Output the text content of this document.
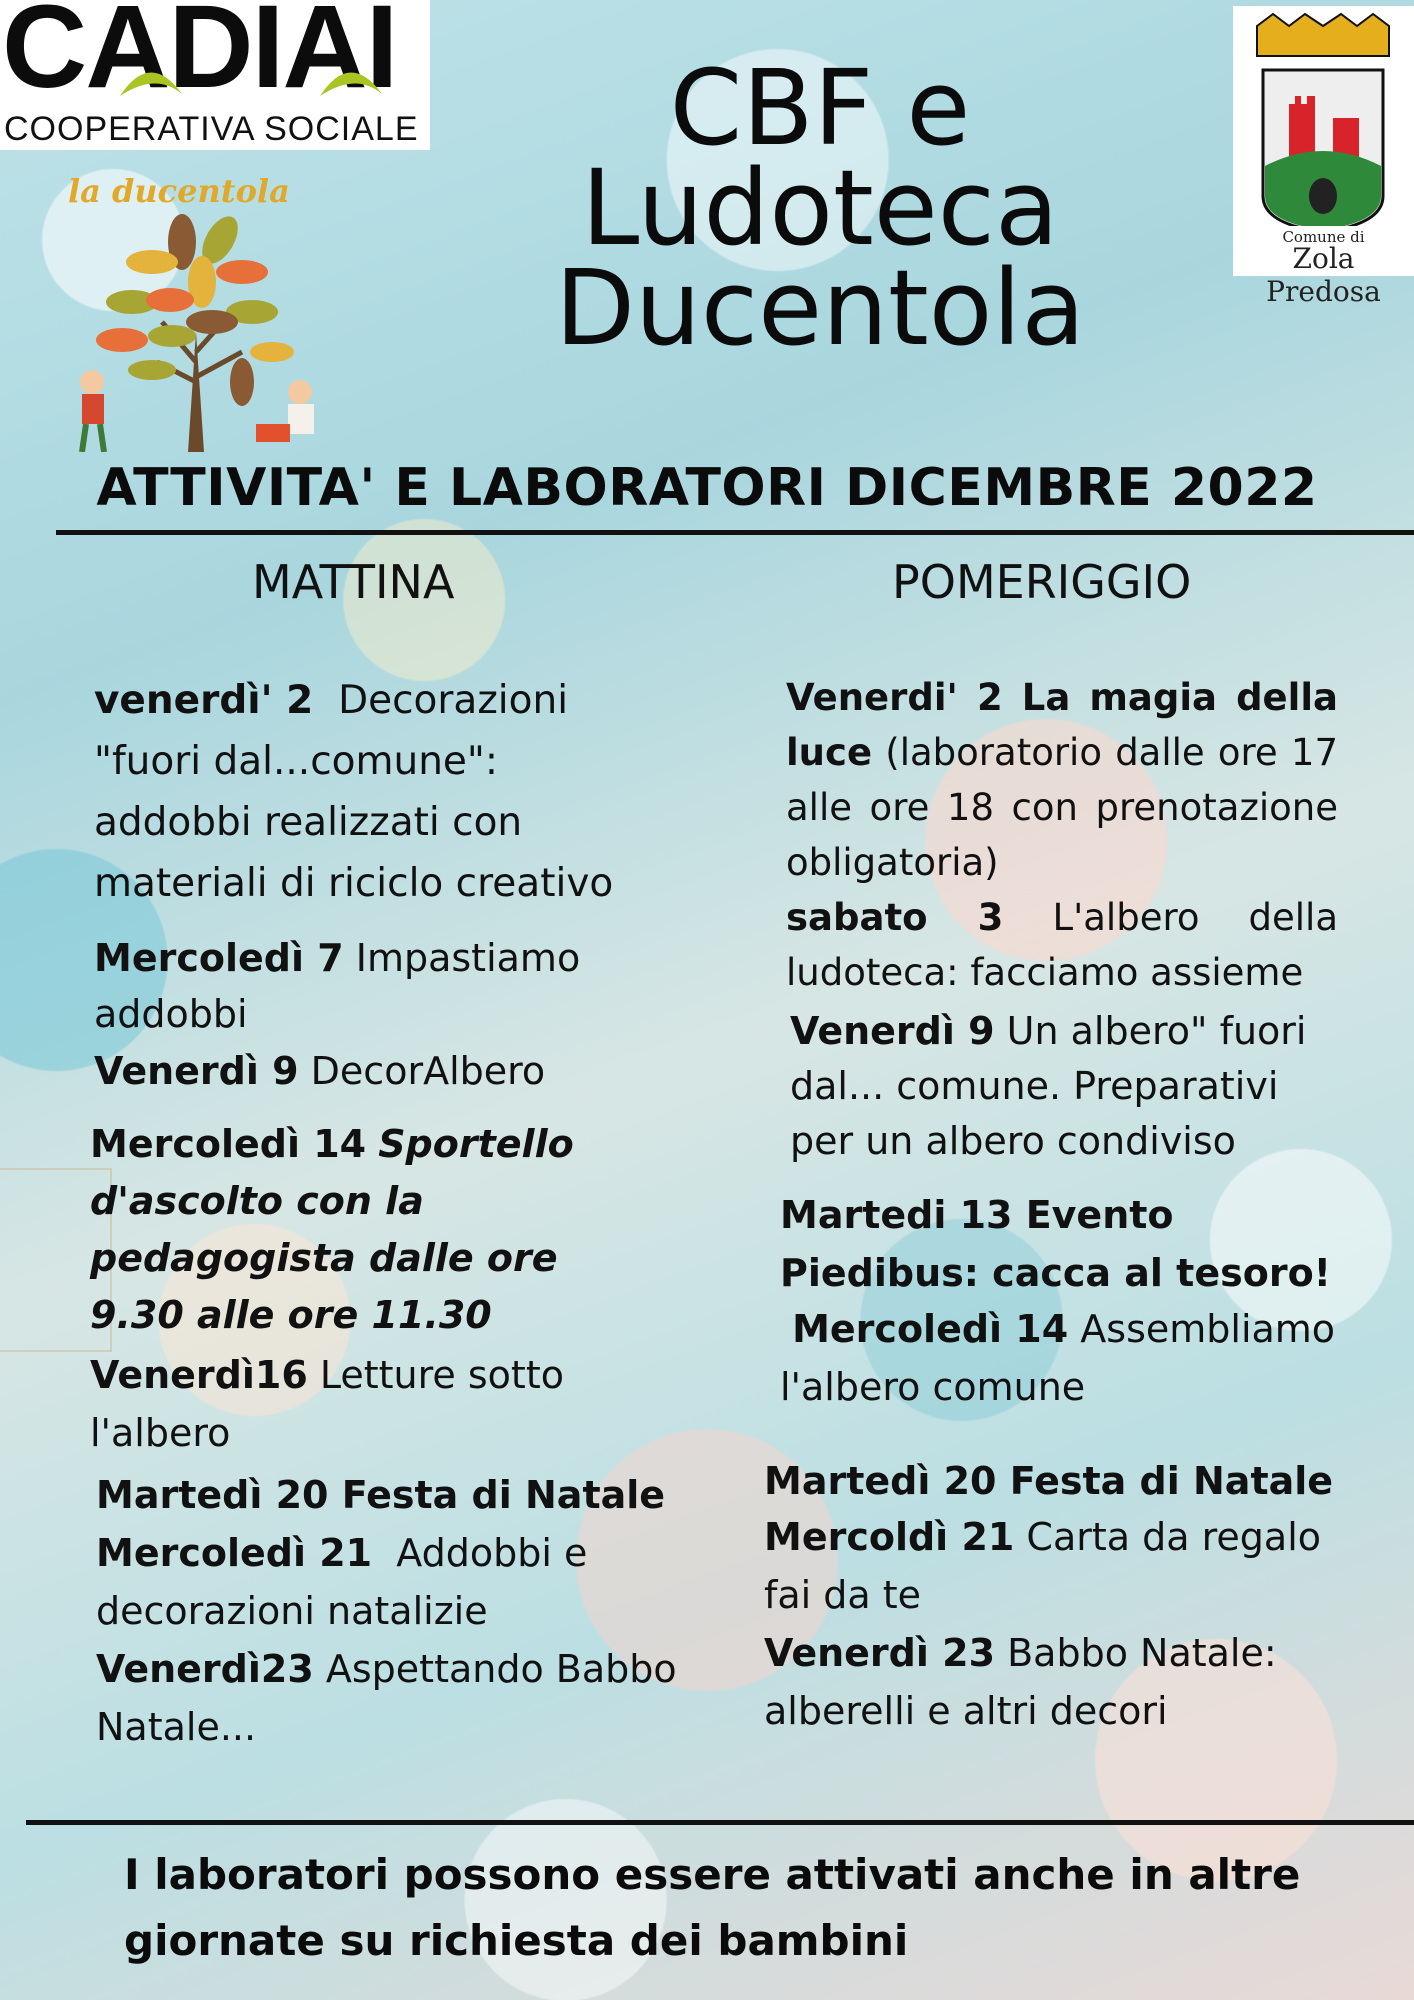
CADIAI
COOPERATIVA SOCIALE
la ducentola
CBF e
Ludoteca
Ducentola
Comune di
Zola Predosa
ATTIVITA' E LABORATORI DICEMBRE 2022
MATTINA	POMERIGGIO
venerdì' 2 Decorazioni "fuori dal...comune": addobbi realizzati con materiali di riciclo creativo
Mercoledì 7 Impastiamo addobbi
Venerdì 9 DecorAlbero
Mercoledì 14 Sportello d'ascolto con la pedagogista dalle ore 9.30 alle ore 11.30
Venerdì16 Letture sotto l'albero
Martedì 20 Festa di Natale
Mercoledì 21 Addobbi e decorazioni natalizie
Venerdì23 Aspettando Babbo Natale...
Venerdi' 2 La magia della luce (laboratorio dalle ore 17 alle ore 18 con prenotazione obligatoria)
sabato 3 L'albero della ludoteca: facciamo assieme
Venerdì 9 Un albero" fuori dal... comune. Preparativi per un albero condiviso
Martedi 13 Evento Piedibus: cacca al tesoro!
Mercoledì 14 Assembliamo l'albero comune
Martedì 20 Festa di Natale
Mercoldì 21 Carta da regalo fai da te
Venerdì 23 Babbo Natale: alberelli e altri decori
I laboratori possono essere attivati anche in altre giornate su richiesta dei bambini
